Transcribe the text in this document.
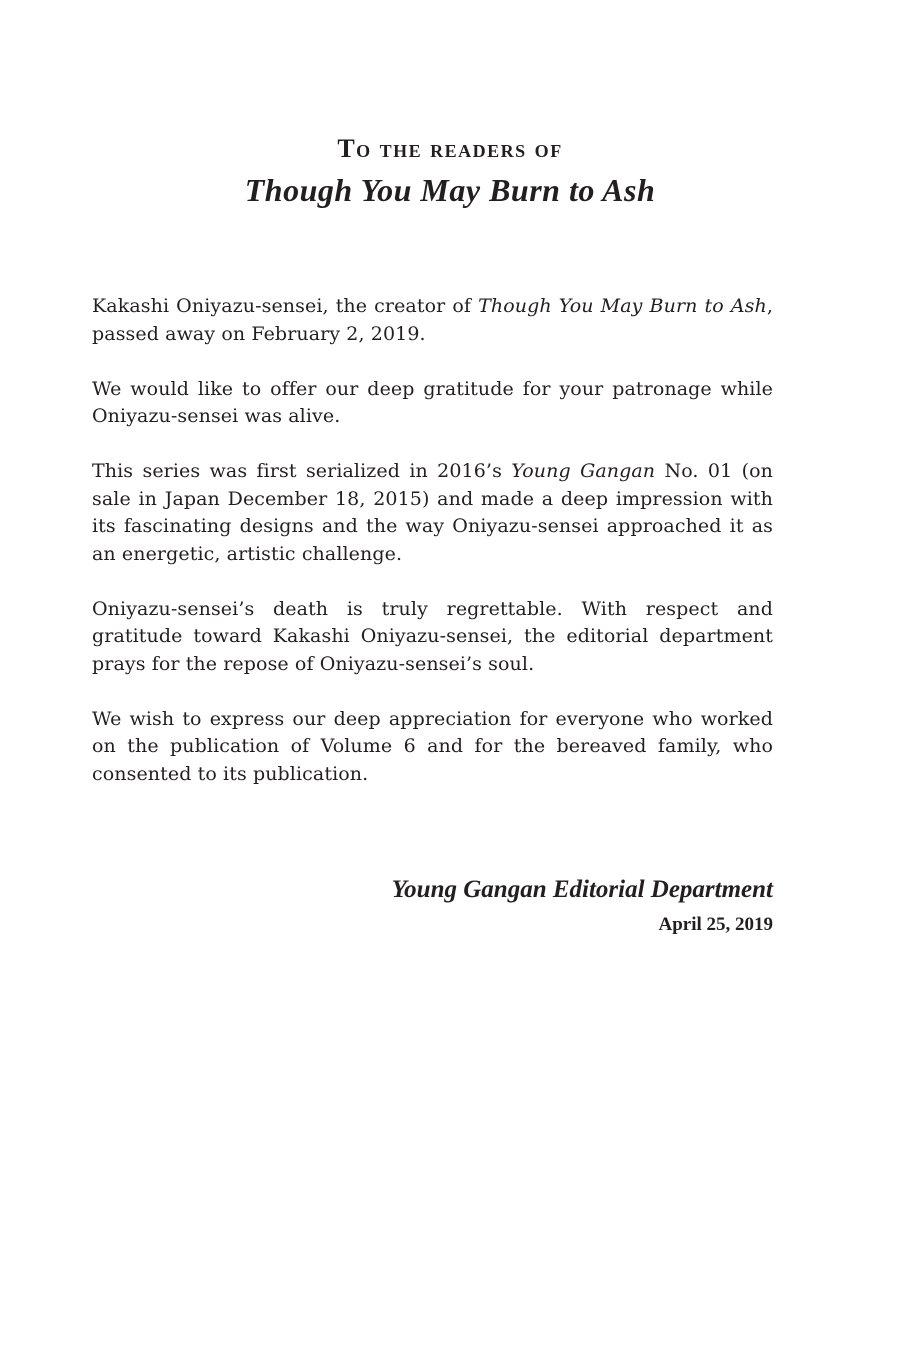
To the readers of
Though You May Burn to Ash

Kakashi Oniyazu-sensei, the creator of Though You May Burn to Ash, passed away on February 2, 2019.

We would like to offer our deep gratitude for your patronage while Oniyazu-sensei was alive.

This series was first serialized in 2016’s Young Gangan No. 01 (on sale in Japan December 18, 2015) and made a deep impression with its fascinating designs and the way Oniyazu-sensei approached it as an energetic, artistic challenge.

Oniyazu-sensei’s death is truly regrettable. With respect and gratitude toward Kakashi Oniyazu-sensei, the editorial department prays for the repose of Oniyazu-sensei’s soul.

We wish to express our deep appreciation for everyone who worked on the publication of Volume 6 and for the bereaved family, who consented to its publication.

Young Gangan Editorial Department
April 25, 2019
